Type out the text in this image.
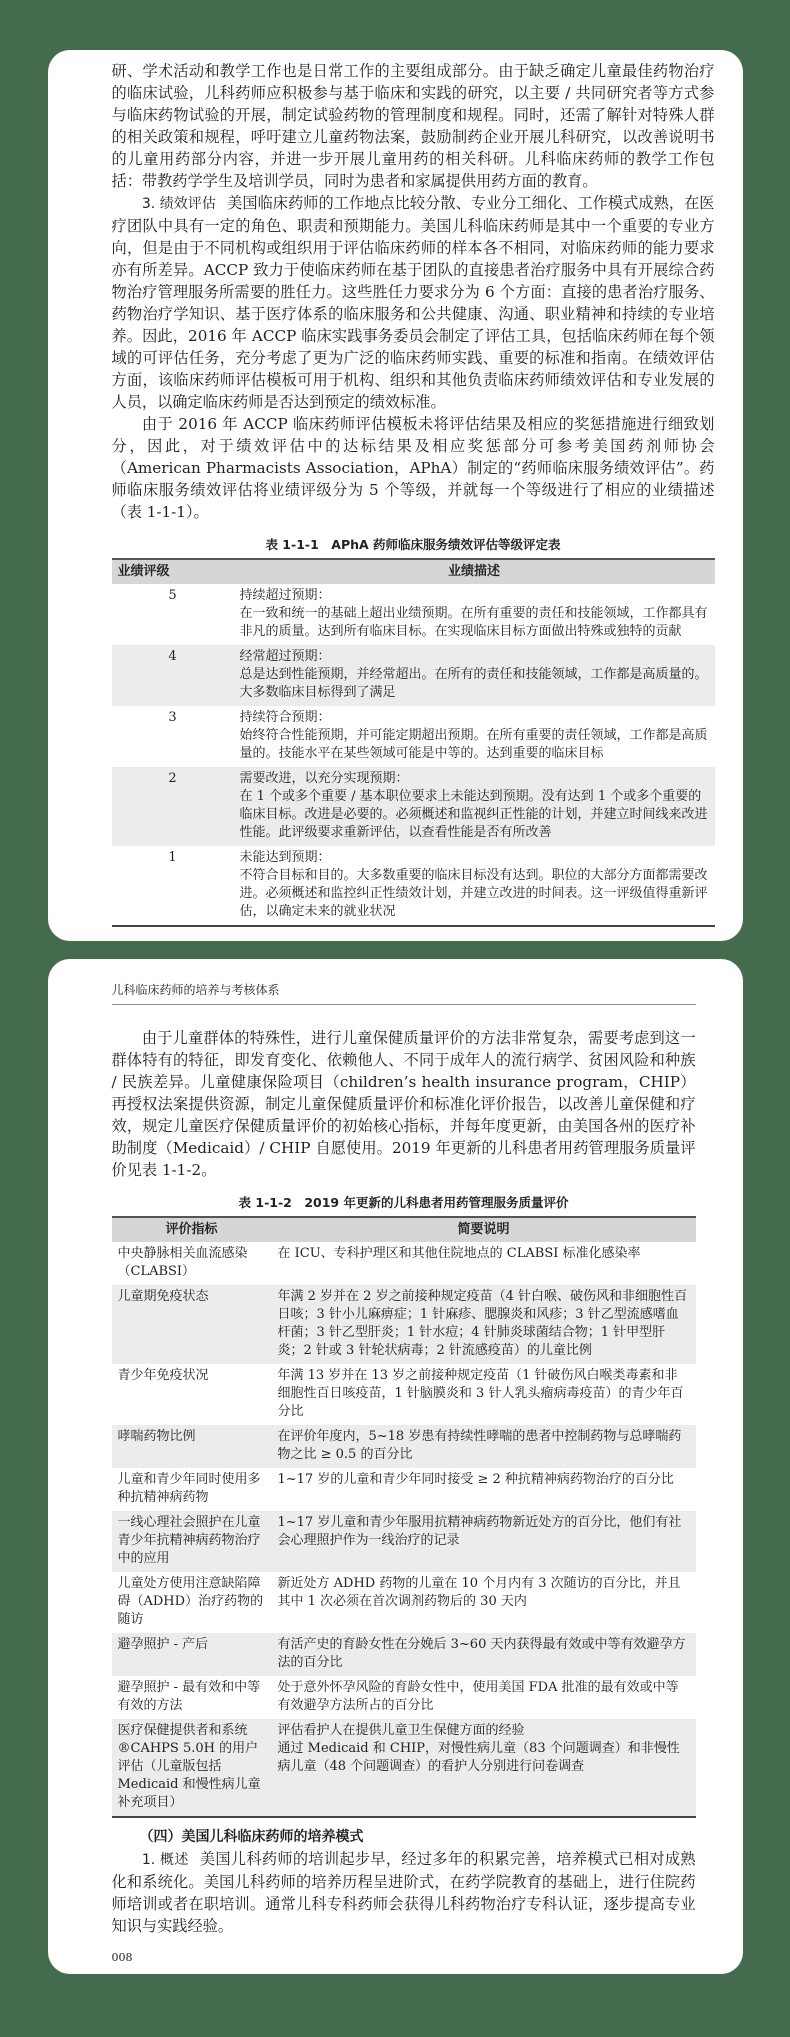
研、学术活动和教学工作也是日常工作的主要组成部分。由于缺乏确定儿童最佳药物治疗的临床试验，儿科药师应积极参与基于临床和实践的研究，以主要 / 共同研究者等方式参与临床药物试验的开展，制定试验药物的管理制度和规程。同时，还需了解针对特殊人群的相关政策和规程，呼吁建立儿童药物法案，鼓励制药企业开展儿科研究，以改善说明书的儿童用药部分内容，并进一步开展儿童用药的相关科研。儿科临床药师的教学工作包括：带教药学学生及培训学员，同时为患者和家属提供用药方面的教育。

3. 绩效评估 美国临床药师的工作地点比较分散、专业分工细化、工作模式成熟，在医疗团队中具有一定的角色、职责和预期能力。美国儿科临床药师是其中一个重要的专业方向，但是由于不同机构或组织用于评估临床药师的样本各不相同，对临床药师的能力要求亦有所差异。ACCP 致力于使临床药师在基于团队的直接患者治疗服务中具有开展综合药物治疗管理服务所需要的胜任力。这些胜任力要求分为 6 个方面：直接的患者治疗服务、药物治疗学知识、基于医疗体系的临床服务和公共健康、沟通、职业精神和持续的专业培养。因此，2016 年 ACCP 临床实践事务委员会制定了评估工具，包括临床药师在每个领域的可评估任务，充分考虑了更为广泛的临床药师实践、重要的标准和指南。在绩效评估方面，该临床药师评估模板可用于机构、组织和其他负责临床药师绩效评估和专业发展的人员，以确定临床药师是否达到预定的绩效标准。

由于 2016 年 ACCP 临床药师评估模板未将评估结果及相应的奖惩措施进行细致划分，因此，对于绩效评估中的达标结果及相应奖惩部分可参考美国药剂师协会（American Pharmacists Association，APhA）制定的“药师临床服务绩效评估”。药师临床服务绩效评估将业绩评级分为 5 个等级，并就每一个等级进行了相应的业绩描述（表 1-1-1）。

表 1-1-1　APhA 药师临床服务绩效评估等级评定表
业绩评级	业绩描述
5	持续超过预期：
在一致和统一的基础上超出业绩预期。在所有重要的责任和技能领域，工作都具有非凡的质量。达到所有临床目标。在实现临床目标方面做出特殊或独特的贡献

4	经常超过预期：
总是达到性能预期，并经常超出。在所有的责任和技能领域，工作都是高质量的。大多数临床目标得到了满足

3	持续符合预期：
始终符合性能预期，并可能定期超出预期。在所有重要的责任领域，工作都是高质量的。技能水平在某些领域可能是中等的。达到重要的临床目标

2	需要改进，以充分实现预期：
在 1 个或多个重要 / 基本职位要求上未能达到预期。没有达到 1 个或多个重要的临床目标。改进是必要的。必须概述和监视纠正性能的计划，并建立时间线来改进性能。此评级要求重新评估，以查看性能是否有所改善

1	未能达到预期：
不符合目标和目的。大多数重要的临床目标没有达到。职位的大部分方面都需要改进。必须概述和监控纠正性绩效计划，并建立改进的时间表。这一评级值得重新评估，以确定未来的就业状况
儿科临床药师的培养与考核体系

由于儿童群体的特殊性，进行儿童保健质量评价的方法非常复杂，需要考虑到这一群体特有的特征，即发育变化、依赖他人、不同于成年人的流行病学、贫困风险和种族 / 民族差异。儿童健康保险项目（children’s health insurance program，CHIP）再授权法案提供资源，制定儿童保健质量评价和标准化评价报告，以改善儿童保健和疗效，规定儿童医疗保健质量评价的初始核心指标，并每年度更新，由美国各州的医疗补助制度（Medicaid）/ CHIP 自愿使用。2019 年更新的儿科患者用药管理服务质量评价见表 1-1-2。

表 1-1-2　2019 年更新的儿科患者用药管理服务质量评价
评价指标	简要说明
中央静脉相关血流感染（CLABSI）	在 ICU、专科护理区和其他住院地点的 CLABSI 标准化感染率

儿童期免疫状态	年满 2 岁并在 2 岁之前接种规定疫苗（4 针白喉、破伤风和非细胞性百日咳；3 针小儿麻痹症；1 针麻疹、腮腺炎和风疹；3 针乙型流感嗜血杆菌；3 针乙型肝炎；1 针水痘；4 针肺炎球菌结合物；1 针甲型肝炎；2 针或 3 针轮状病毒；2 针流感疫苗）的儿童比例

青少年免疫状况	年满 13 岁并在 13 岁之前接种规定疫苗（1 针破伤风白喉类毒素和非细胞性百日咳疫苗，1 针脑膜炎和 3 针人乳头瘤病毒疫苗）的青少年百分比

哮喘药物比例	在评价年度内，5~18 岁患有持续性哮喘的患者中控制药物与总哮喘药物之比 ≥ 0.5 的百分比

儿童和青少年同时使用多种抗精神病药物	1~17 岁的儿童和青少年同时接受 ≥ 2 种抗精神病药物治疗的百分比

一线心理社会照护在儿童青少年抗精神病药物治疗中的应用	1~17 岁儿童和青少年服用抗精神病药物新近处方的百分比，他们有社会心理照护作为一线治疗的记录

儿童处方使用注意缺陷障碍（ADHD）治疗药物的随访	新近处方 ADHD 药物的儿童在 10 个月内有 3 次随访的百分比，并且其中 1 次必须在首次调剂药物后的 30 天内

避孕照护 - 产后	有活产史的育龄女性在分娩后 3~60 天内获得最有效或中等有效避孕方法的百分比

避孕照护 - 最有效和中等有效的方法	处于意外怀孕风险的育龄女性中，使用美国 FDA 批准的最有效或中等有效避孕方法所占的百分比

医疗保健提供者和系统 ®CAHPS 5.0H 的用户评估（儿童版包括 Medicaid 和慢性病儿童补充项目）	评估看护人在提供儿童卫生保健方面的经验
通过 Medicaid 和 CHIP，对慢性病儿童（83 个问题调查）和非慢性病儿童（48 个问题调查）的看护人分别进行问卷调查
（四）美国儿科临床药师的培养模式

1. 概述 美国儿科药师的培训起步早，经过多年的积累完善，培养模式已相对成熟化和系统化。美国儿科药师的培养历程呈进阶式，在药学院教育的基础上，进行住院药师培训或者在职培训。通常儿科专科药师会获得儿科药物治疗专科认证，逐步提高专业知识与实践经验。

008
